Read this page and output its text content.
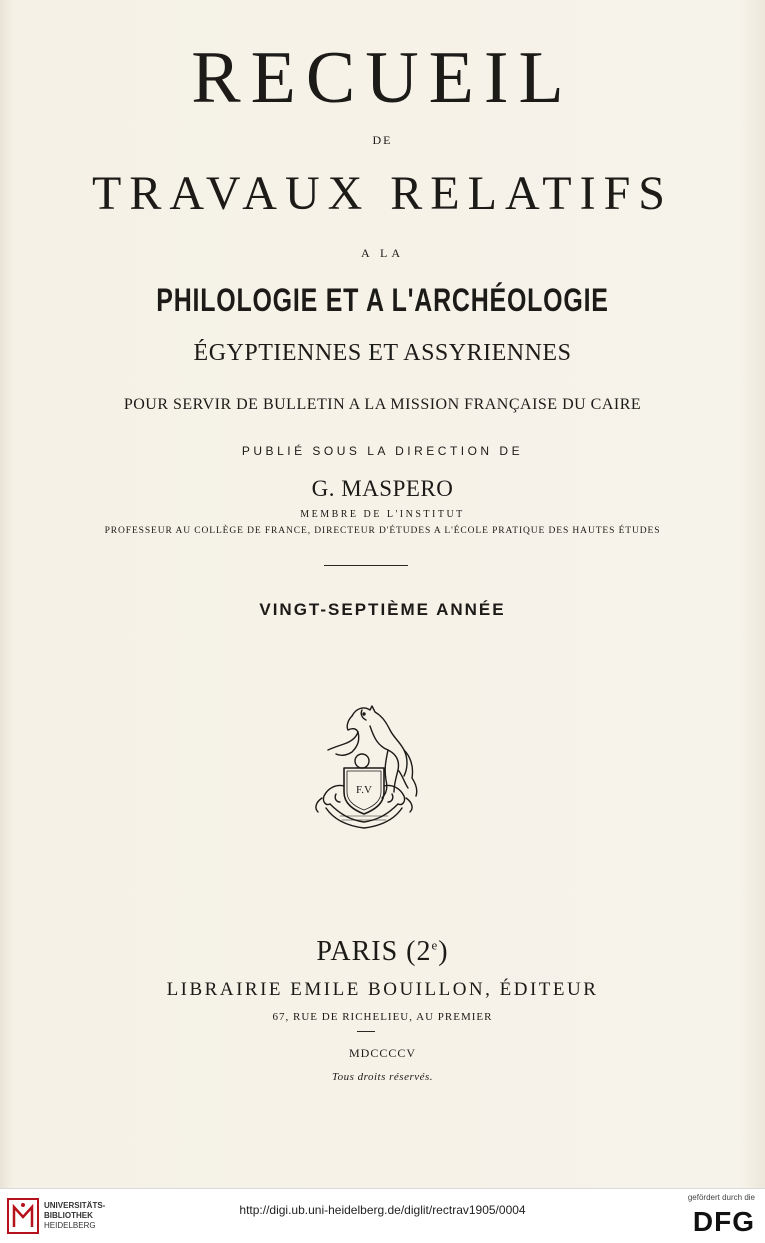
RECUEIL
DE
TRAVAUX RELATIFS
A LA
PHILOLOGIE ET A L'ARCHÉOLOGIE
ÉGYPTIENNES ET ASSYRIENNES
POUR SERVIR DE BULLETIN A LA MISSION FRANÇAISE DU CAIRE
PUBLIÉ SOUS LA DIRECTION DE
G. MASPERO
MEMBRE DE L'INSTITUT
PROFESSEUR AU COLLÈGE DE FRANCE, DIRECTEUR D'ÉTUDES A L'ÉCOLE PRATIQUE DES HAUTES ÉTUDES
VINGT-SEPTIÈME ANNÉE
F.V
PARIS (2e)
LIBRAIRIE EMILE BOUILLON, ÉDITEUR
67, RUE DE RICHELIEU, AU PREMIER
MDCCCCV
Tous droits réservés.
UNIVERSITÄTS-
BIBLIOTHEK
HEIDELBERG
http://digi.ub.uni-heidelberg.de/diglit/rectrav1905/0004
gefördert durch die
DFG
